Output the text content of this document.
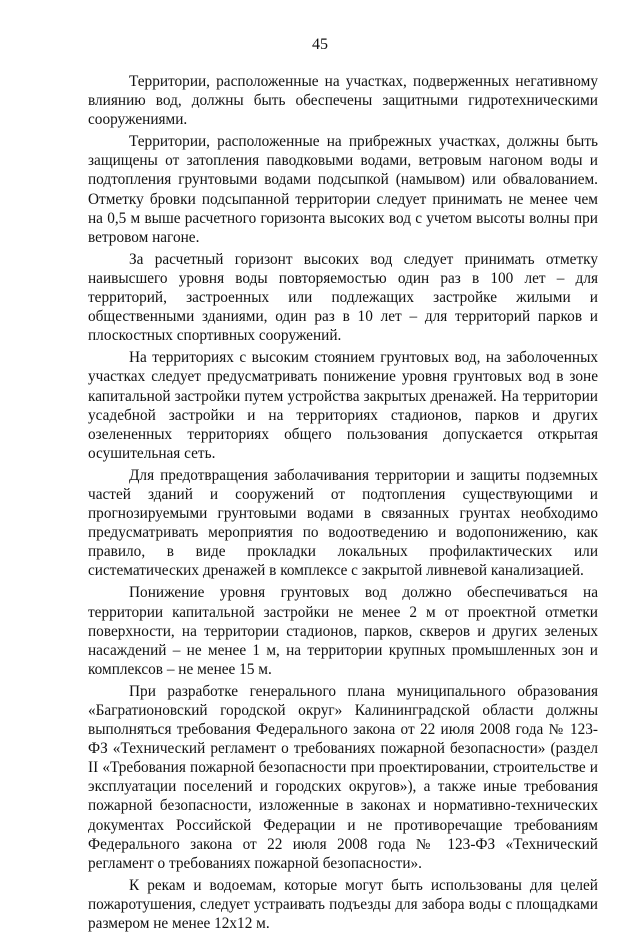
45

Территории, расположенные на участках, подверженных негативному влиянию вод, должны быть обеспечены защитными гидротехническими сооружениями.

Территории, расположенные на прибрежных участках, должны быть защищены от затопления паводковыми водами, ветровым нагоном воды и подтопления грунтовыми водами подсыпкой (намывом) или обвалованием. Отметку бровки подсыпанной территории следует принимать не менее чем на 0,5 м выше расчетного горизонта высоких вод с учетом высоты волны при ветровом нагоне.

За расчетный горизонт высоких вод следует принимать отметку наивысшего уровня воды повторяемостью один раз в 100 лет – для территорий, застроенных или подлежащих застройке жилыми и общественными зданиями, один раз в 10 лет – для территорий парков и плоскостных спортивных сооружений.

На территориях с высоким стоянием грунтовых вод, на заболоченных участках следует предусматривать понижение уровня грунтовых вод в зоне капитальной застройки путем устройства закрытых дренажей. На территории усадебной застройки и на территориях стадионов, парков и других озелененных территориях общего пользования допускается открытая осушительная сеть.

Для предотвращения заболачивания территории и защиты подземных частей зданий и сооружений от подтопления существующими и прогнозируемыми грунтовыми водами в связанных грунтах необходимо предусматривать мероприятия по водоотведению и водопонижению, как правило, в виде прокладки локальных профилактических или систематических дренажей в комплексе с закрытой ливневой канализацией.

Понижение уровня грунтовых вод должно обеспечиваться на территории капитальной застройки не менее 2 м от проектной отметки поверхности, на территории стадионов, парков, скверов и других зеленых насаждений – не менее 1 м, на территории крупных промышленных зон и комплексов – не менее 15 м.

При разработке генерального плана муниципального образования «Багратионовский городской округ» Калининградской области должны выполняться требования Федерального закона от 22 июля 2008 года № 123-ФЗ «Технический регламент о требованиях пожарной безопасности» (раздел II «Требования пожарной безопасности при проектировании, строительстве и эксплуатации поселений и городских округов»), а также иные требования пожарной безопасности, изложенные в законах и нормативно-технических документах Российской Федерации и не противоречащие требованиям Федерального закона от 22 июля 2008 года № 123-ФЗ «Технический регламент о требованиях пожарной безопасности».

К рекам и водоемам, которые могут быть использованы для целей пожаротушения, следует устраивать подъезды для забора воды с площадками размером не менее 12х12 м.
